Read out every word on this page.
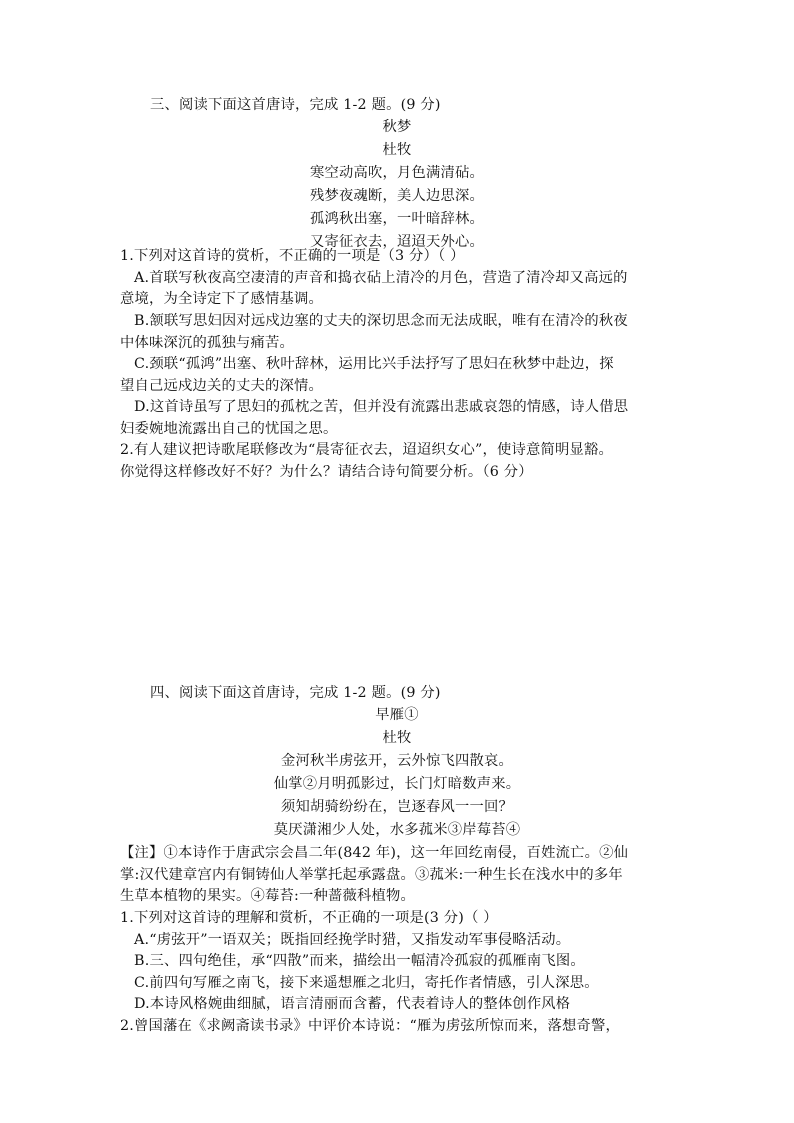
三、阅读下面这首唐诗，完成 1-2 题。(9 分)
秋梦
杜牧
寒空动高吹，月色满清砧。
残梦夜魂断，美人边思深。
孤鸿秋出塞，一叶暗辞林。
又寄征衣去，迢迢天外心。
1.下列对这首诗的赏析，不正确的一项是（3 分）（ ）
A.首联写秋夜高空凄清的声音和捣衣砧上清冷的月色，营造了清冷却又高远的
意境，为全诗定下了感情基调。
B.颔联写思妇因对远戍边塞的丈夫的深切思念而无法成眠，唯有在清冷的秋夜
中体味深沉的孤独与痛苦。
C.颈联“孤鸿”出塞、秋叶辞林，运用比兴手法抒写了思妇在秋梦中赴边，探
望自己远戍边关的丈夫的深情。
D.这首诗虽写了思妇的孤枕之苦，但并没有流露出悲戚哀怨的情感，诗人借思
妇委婉地流露出自己的忧国之思。
2.有人建议把诗歌尾联修改为“晨寄征衣去，迢迢织女心”，使诗意简明显豁。
你觉得这样修改好不好？为什么？请结合诗句简要分析。（6 分）
四、阅读下面这首唐诗，完成 1-2 题。(9 分)
早雁①
杜牧
金河秋半虏弦开，云外惊飞四散哀。
仙掌②月明孤影过，长门灯暗数声来。
须知胡骑纷纷在，岂逐春风一一回？
莫厌潇湘少人处，水多菰米③岸莓苔④
【注】①本诗作于唐武宗会昌二年(842 年)，这一年回纥南侵，百姓流亡。②仙
掌:汉代建章宫内有铜铸仙人举掌托起承露盘。③菰米:一种生长在浅水中的多年
生草本植物的果实。④莓苔:一种蔷薇科植物。
1.下列对这首诗的理解和赏析，不正确的一项是(3 分)（ ）
A.“虏弦开”一语双关；既指回经挽学时猎，又指发动军事侵略活动。
B.三、四句绝佳，承“四散”而来，描绘出一幅清冷孤寂的孤雁南飞图。
C.前四句写雁之南飞，接下来遥想雁之北归，寄托作者情感，引人深思。
D.本诗风格婉曲细腻，语言清丽而含蓄，代表着诗人的整体创作风格
2.曾国藩在《求阙斋读书录》中评价本诗说：“雁为虏弦所惊而来，落想奇警，
